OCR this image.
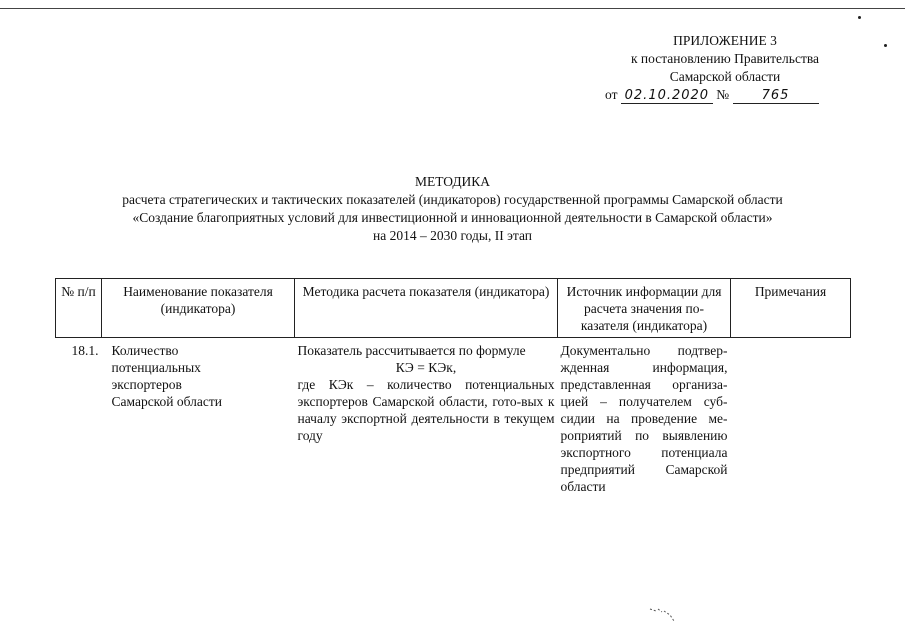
ПРИЛОЖЕНИЕ 3
к постановлению Правительства
Самарской области
от 02.10.2020 № 765
МЕТОДИКА
расчета стратегических и тактических показателей (индикаторов) государственной программы Самарской области
«Создание благоприятных условий для инвестиционной и инновационной деятельности в Самарской области»
на 2014 – 2030 годы, II этап
№ п/п	Наименование показателя (индикатора)	Методика расчета показателя (индикатора)	Источник информации для расчета значения по-казателя (индикатора)	Примечания
18.1.	Количество
потенциальных
экспортеров
Самарской области	Показатель рассчитывается по формуле
КЭ = КЭк,
где КЭк – количество потенциальных экспортеров Самарской области, гото-вых к началу экспортной деятельности в текущем году	Документально подтвер-жденная информация, представленная организа-цией – получателем суб-сидии на проведение ме-роприятий по выявлению экспортного потенциала предприятий Самарской области	
